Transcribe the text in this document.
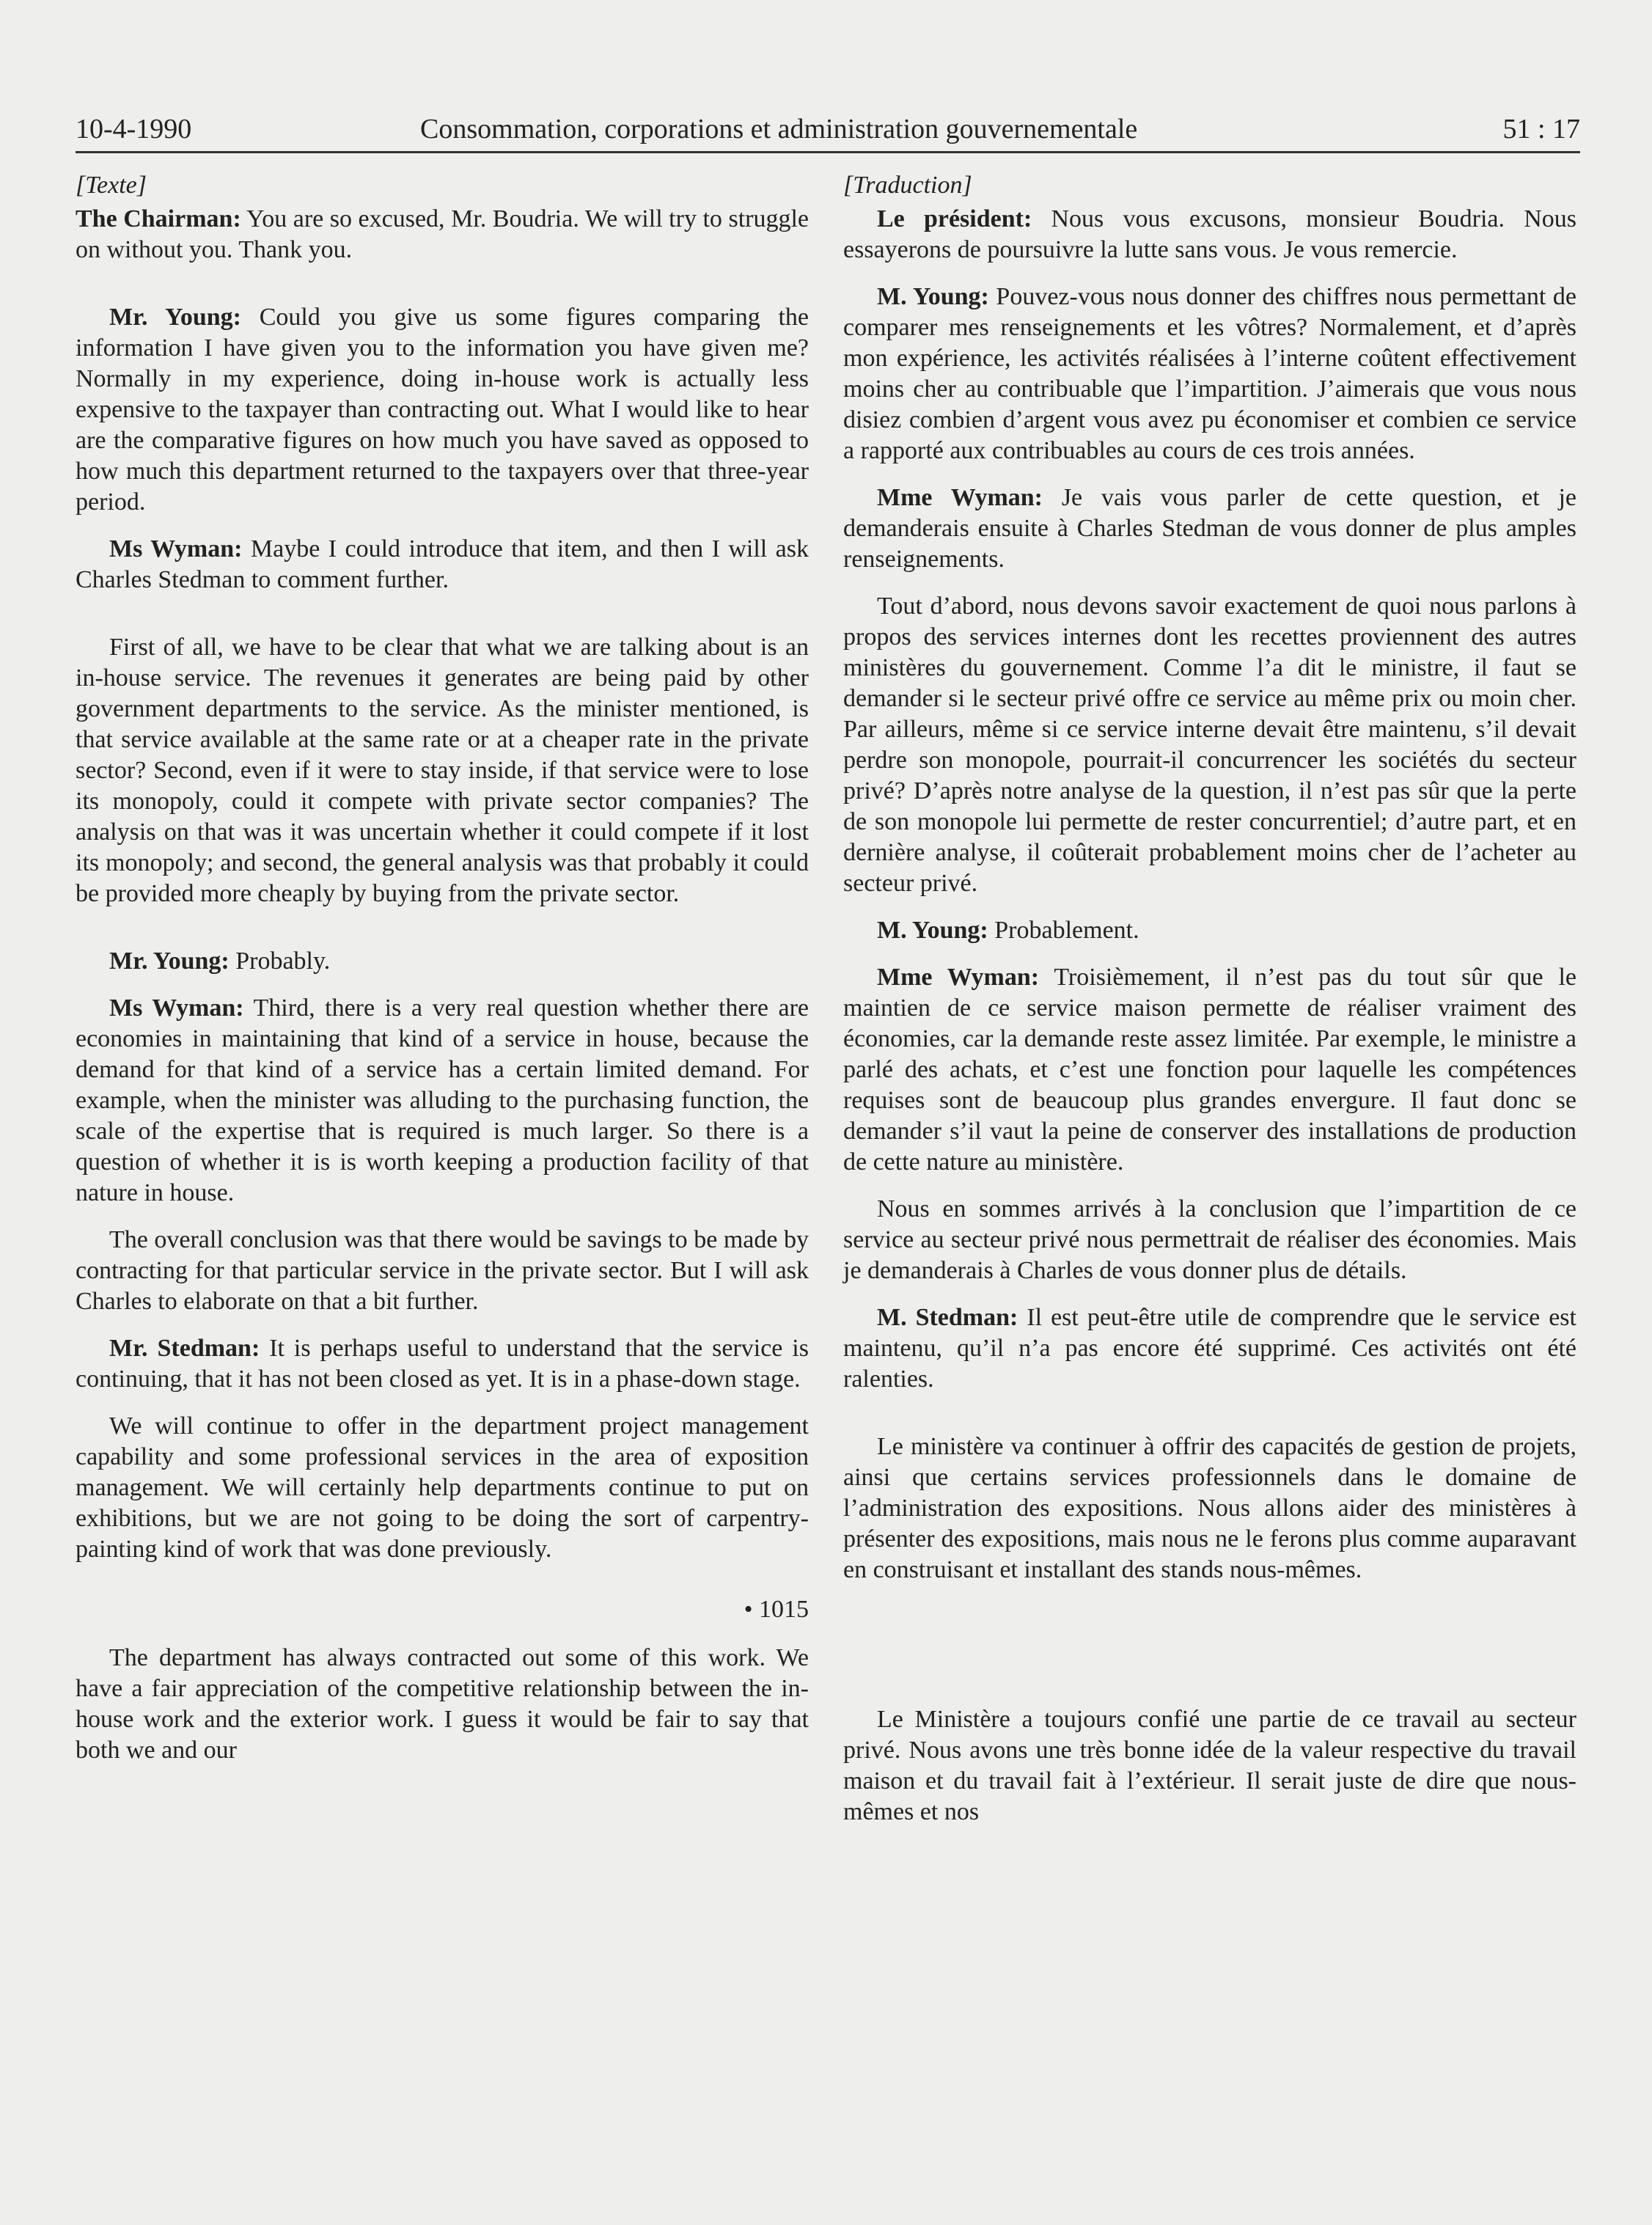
10-4-1990	Consommation, corporations et administration gouvernementale	51 : 17
[Texte]

The Chairman: You are so excused, Mr. Boudria. We will try to struggle on without you. Thank you.

Mr. Young: Could you give us some figures comparing the information I have given you to the information you have given me? Normally in my experience, doing in-house work is actually less expensive to the taxpayer than contracting out. What I would like to hear are the comparative figures on how much you have saved as opposed to how much this department returned to the taxpayers over that three-year period.

Ms Wyman: Maybe I could introduce that item, and then I will ask Charles Stedman to comment further.

First of all, we have to be clear that what we are talking about is an in-house service. The revenues it generates are being paid by other government departments to the service. As the minister mentioned, is that service available at the same rate or at a cheaper rate in the private sector? Second, even if it were to stay inside, if that service were to lose its monopoly, could it compete with private sector companies? The analysis on that was it was uncertain whether it could compete if it lost its monopoly; and second, the general analysis was that probably it could be provided more cheaply by buying from the private sector.

Mr. Young: Probably.

Ms Wyman: Third, there is a very real question whether there are economies in maintaining that kind of a service in house, because the demand for that kind of a service has a certain limited demand. For example, when the minister was alluding to the purchasing function, the scale of the expertise that is required is much larger. So there is a question of whether it is is worth keeping a production facility of that nature in house.

The overall conclusion was that there would be savings to be made by contracting for that particular service in the private sector. But I will ask Charles to elaborate on that a bit further.

Mr. Stedman: It is perhaps useful to understand that the service is continuing, that it has not been closed as yet. It is in a phase-down stage.

We will continue to offer in the department project management capability and some professional services in the area of exposition management. We will certainly help departments continue to put on exhibitions, but we are not going to be doing the sort of carpentry-painting kind of work that was done previously.

• 1015

The department has always contracted out some of this work. We have a fair appreciation of the competitive relationship between the in-house work and the exterior work. I guess it would be fair to say that both we and our

[Traduction]

Le président: Nous vous excusons, monsieur Boudria. Nous essayerons de poursuivre la lutte sans vous. Je vous remercie.

M. Young: Pouvez-vous nous donner des chiffres nous permettant de comparer mes renseignements et les vôtres? Normalement, et d’après mon expérience, les activités réalisées à l’interne coûtent effectivement moins cher au contribuable que l’impartition. J’aimerais que vous nous disiez combien d’argent vous avez pu économiser et combien ce service a rapporté aux contribuables au cours de ces trois années.

Mme Wyman: Je vais vous parler de cette question, et je demanderais ensuite à Charles Stedman de vous donner de plus amples renseignements.

Tout d’abord, nous devons savoir exactement de quoi nous parlons à propos des services internes dont les recettes proviennent des autres ministères du gouvernement. Comme l’a dit le ministre, il faut se demander si le secteur privé offre ce service au même prix ou moin cher. Par ailleurs, même si ce service interne devait être maintenu, s’il devait perdre son monopole, pourrait-il concurrencer les sociétés du secteur privé? D’après notre analyse de la question, il n’est pas sûr que la perte de son monopole lui permette de rester concurrentiel; d’autre part, et en dernière analyse, il coûterait probablement moins cher de l’acheter au secteur privé.

M. Young: Probablement.

Mme Wyman: Troisièmement, il n’est pas du tout sûr que le maintien de ce service maison permette de réaliser vraiment des économies, car la demande reste assez limitée. Par exemple, le ministre a parlé des achats, et c’est une fonction pour laquelle les compétences requises sont de beaucoup plus grandes envergure. Il faut donc se demander s’il vaut la peine de conserver des installations de production de cette nature au ministère.

Nous en sommes arrivés à la conclusion que l’impartition de ce service au secteur privé nous permettrait de réaliser des économies. Mais je demanderais à Charles de vous donner plus de détails.

M. Stedman: Il est peut-être utile de comprendre que le service est maintenu, qu’il n’a pas encore été supprimé. Ces activités ont été ralenties.

Le ministère va continuer à offrir des capacités de gestion de projets, ainsi que certains services professionnels dans le domaine de l’administration des expositions. Nous allons aider des ministères à présenter des expositions, mais nous ne le ferons plus comme auparavant en construisant et installant des stands nous-mêmes.

Le Ministère a toujours confié une partie de ce travail au secteur privé. Nous avons une très bonne idée de la valeur respective du travail maison et du travail fait à l’extérieur. Il serait juste de dire que nous-mêmes et nos
